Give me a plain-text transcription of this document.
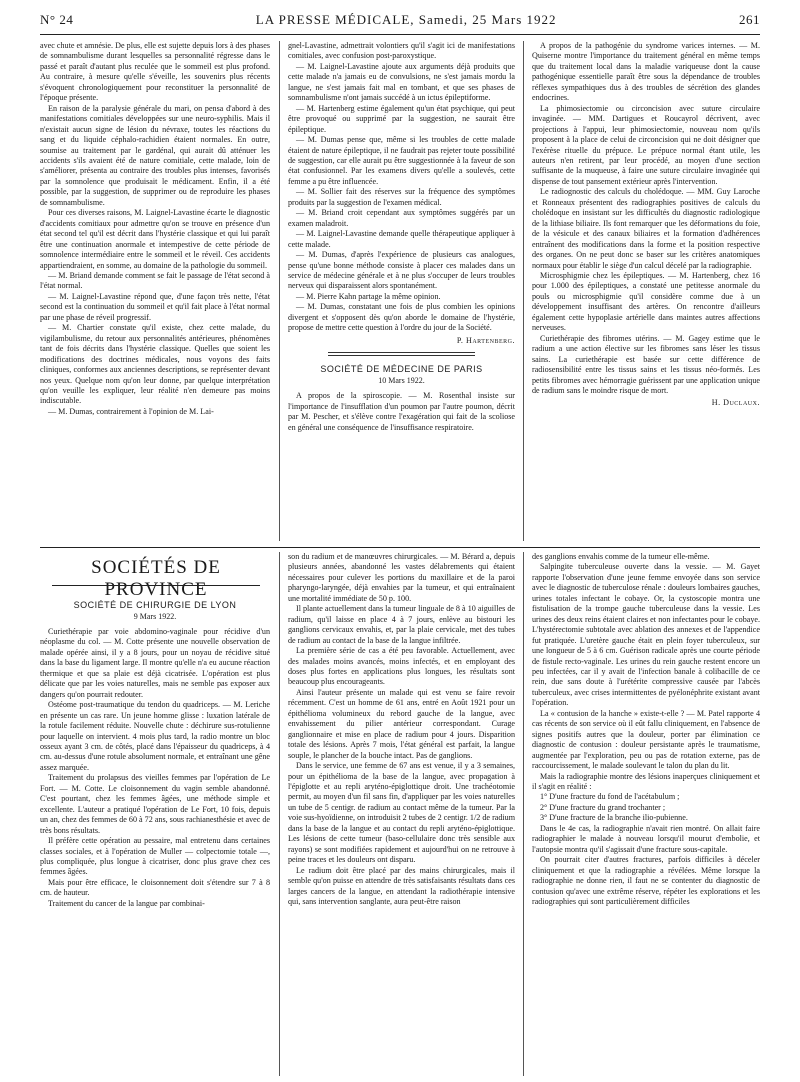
N° 24	LA PRESSE MÉDICALE, Samedi, 25 Mars 1922	261

avec chute et amnésie. De plus, elle est sujette depuis lors à des phases de somnambulisme durant lesquelles sa personnalité régresse dans le passé et paraît d'autant plus reculée que le sommeil est plus profond. Au contraire, à mesure qu'elle s'éveille, les souvenirs plus récents s'évoquent chronologiquement pour reconstituer la personnalité de l'époque présente.

En raison de la paralysie générale du mari, on pensa d'abord à des manifestations comitiales développées sur une neuro-syphilis. Mais il n'existait aucun signe de lésion du névraxe, toutes les réactions du sang et du liquide céphalo-rachidien étaient normales. En outre, soumise au traitement par le gardénal, qui aurait dû atténuer les accidents s'ils avaient été de nature comitiale, cette malade, loin de s'améliorer, présenta au contraire des troubles plus intenses, favorisés par la somnolence que produisait le médicament. Enfin, il a été possible, par la suggestion, de supprimer ou de reproduire les phases de somnambulisme.

Pour ces diverses raisons, M. Laignel-Lavastine écarte le diagnostic d'accidents comitiaux pour admettre qu'on se trouve en présence d'un état second tel qu'il est décrit dans l'hystérie classique et qui lui paraît être une continuation anormale et intempestive de cette période de somnolence intermédiaire entre le sommeil et le réveil. Ces accidents appartiendraient, en somme, au domaine de la pathologie du sommeil.

— M. Briand demande comment se fait le passage de l'état second à l'état normal.

— M. Laignel-Lavastine répond que, d'une façon très nette, l'état second est la continuation du sommeil et qu'il fait place à l'état normal par une phase de réveil progressif.

— M. Chartier constate qu'il existe, chez cette malade, du vigilambulisme, du retour aux personnalités antérieures, phénomènes tant de fois décrits dans l'hystérie classique. Quelles que soient les modifications des doctrines médicales, nous voyons des faits cliniques, conformes aux anciennes descriptions, se représenter devant nos yeux. Quelque nom qu'on leur donne, par quelque interprétation qu'on veuille les expliquer, leur réalité n'en demeure pas moins indiscutable.

— M. Dumas, contrairement à l'opinion de M. Lai-

gnel-Lavastine, admettrait volontiers qu'il s'agit ici de manifestations comitiales, avec confusion post-paroxystique.

— M. Laignel-Lavastine ajoute aux arguments déjà produits que cette malade n'a jamais eu de convulsions, ne s'est jamais mordu la langue, ne s'est jamais fait mal en tombant, et que ses phases de somnambulisme n'ont jamais succédé à un ictus épileptiforme.

— M. Hartenberg estime également qu'un état psychique, qui peut être provoqué ou supprimé par la suggestion, ne saurait être épileptique.

— M. Dumas pense que, même si les troubles de cette malade étaient de nature épileptique, il ne faudrait pas rejeter toute possibilité de suggestion, car elle aurait pu être suggestionnée à la faveur de son état confusionnel. Par les examens divers qu'elle a soulevés, cette femme a pu être influencée.

— M. Sollier fait des réserves sur la fréquence des symptômes produits par la suggestion de l'examen médical.

— M. Briand croit cependant aux symptômes suggérés par un examen maladroit.

— M. Laignel-Lavastine demande quelle thérapeutique appliquer à cette malade.

— M. Dumas, d'après l'expérience de plusieurs cas analogues, pense qu'une bonne méthode consiste à placer ces malades dans un service de médecine générale et à ne plus s'occuper de leurs troubles nerveux qui disparaissent alors spontanément.

— M. Pierre Kahn partage la même opinion.

— M. Dumas, constatant une fois de plus combien les opinions divergent et s'opposent dès qu'on aborde le domaine de l'hystérie, propose de mettre cette question à l'ordre du jour de la Société.

P. Hartenberg.
SOCIÉTÉ DE MÉDECINE DE PARIS
10 Mars 1922.

A propos de la spiroscopie. — M. Rosenthal insiste sur l'importance de l'insufflation d'un poumon par l'autre poumon, décrit par M. Pescher, et s'élève contre l'exagération qui fait de la scoliose en général une conséquence de l'insuffisance respiratoire.

A propos de la pathogénie du syndrome varices internes. — M. Quiserne montre l'importance du traitement général en même temps que du traitement local dans la maladie variqueuse dont la cause pathogénique essentielle paraît être sous la dépendance de troubles réflexes sympathiques dus à des troubles de sécrétion des glandes endocrines.

La phimosiectomie ou circoncision avec suture circulaire invaginée. — MM. Dartigues et Roucayrol décrivent, avec projections à l'appui, leur phimosiectomie, nouveau nom qu'ils proposent à la place de celui de circoncision qui ne doit désigner que l'exérèse rituelle du prépuce. Le prépuce normal étant utile, les auteurs n'en retirent, par leur procédé, au moyen d'une section suffisante de la muqueuse, à faire une suture circulaire invaginée qui dispense de tout pansement extérieur après l'intervention.

Le radiognostic des calculs du cholédoque. — MM. Guy Laroche et Ronneaux présentent des radiographies positives de calculs du cholédoque en insistant sur les difficultés du diagnostic radiologique de la lithiase biliaire. Ils font remarquer que les déformations du foie, de la vésicule et des canaux biliaires et la formation d'adhérences entraînent des modifications dans la forme et la position respective des organes. On ne peut donc se baser sur les critères anatomiques normaux pour établir le siège d'un calcul décelé par la radiographie.

Microsphigmie chez les épileptiques. — M. Hartenberg, chez 16 pour 1.000 des épileptiques, a constaté une petitesse anormale du pouls ou microsphigmie qu'il considère comme due à un développement insuffisant des artères. On rencontre d'ailleurs également cette hypoplasie artérielle dans maintes autres affections nerveuses.

Curiethérapie des fibromes utérins. — M. Gagey estime que le radium a une action élective sur les fibromes sans léser les tissus sains. La curiethérapie est basée sur cette différence de radiosensibilité entre les tissus sains et les tissus néo-formés. Les petits fibromes avec hémorragie guérissent par une application unique de radium sans le moindre risque de mort.

H. Duclaux.
SOCIÉTÉS DE PROVINCE
SOCIÉTÉ DE CHIRURGIE DE LYON
9 Mars 1922.

Curiethérapie par voie abdomino-vaginale pour récidive d'un néoplasme du col. — M. Cotte présente une nouvelle observation de malade opérée ainsi, il y a 8 jours, pour un noyau de récidive situé dans la base du ligament large. Il montre qu'elle n'a eu aucune réaction thermique et que sa plaie est déjà cicatrisée. L'opération est plus délicate que par les voies naturelles, mais ne semble pas exposer aux dangers qu'on pourrait redouter.

Ostéome post-traumatique du tendon du quadriceps. — M. Leriche en présente un cas rare. Un jeune homme glisse : luxation latérale de la rotule facilement réduite. Nouvelle chute : déchirure sus-rotulienne pour laquelle on intervient. 4 mois plus tard, la radio montre un bloc osseux ayant 3 cm. de côtés, placé dans l'épaisseur du quadriceps, à 4 cm. au-dessus d'une rotule absolument normale, et entraînant une gêne assez marquée.

Traitement du prolapsus des vieilles femmes par l'opération de Le Fort. — M. Cotte. Le cloisonnement du vagin semble abandonné. C'est pourtant, chez les femmes âgées, une méthode simple et excellente. L'auteur a pratiqué l'opération de Le Fort, 10 fois, depuis un an, chez des femmes de 60 à 72 ans, sous rachianesthésie et avec de très bons résultats.

Il préfère cette opération au pessaire, mal entretenu dans certaines classes sociales, et à l'opération de Muller — colpectomie totale —, plus compliquée, plus longue à cicatriser, donc plus grave chez ces femmes âgées.

Mais pour être efficace, le cloisonnement doit s'étendre sur 7 à 8 cm. de hauteur.

Traitement du cancer de la langue par combinai-

son du radium et de manœuvres chirurgicales. — M. Bérard a, depuis plusieurs années, abandonné les vastes délabrements qui étaient nécessaires pour culever les portions du maxillaire et de la paroi pharyngo-laryngée, déjà envahies par la tumeur, et qui entraînaient une mortalité immédiate de 50 p. 100.

Il plante actuellement dans la tumeur linguale de 8 à 10 aiguilles de radium, qu'il laisse en place 4 à 7 jours, enlève au bistouri les ganglions cervicaux envahis, et, par la plaie cervicale, met des tubes de radium au contact de la base de la langue infiltrée.

La première série de cas a été peu favorable. Actuellement, avec des malades moins avancés, moins infectés, et en employant des doses plus fortes en applications plus longues, les résultats sont beaucoup plus encourageants.

Ainsi l'auteur présente un malade qui est venu se faire revoir récemment. C'est un homme de 61 ans, entré en Août 1921 pour un épithélioma volumineux du rebord gauche de la langue, avec envahissement du pilier antérieur correspondant. Curage ganglionnaire et mise en place de radium pour 4 jours. Disparition totale des lésions. Après 7 mois, l'état général est parfait, la langue souple, le plancher de la bouche intact. Pas de ganglions.

Dans le service, une femme de 67 ans est venue, il y a 3 semaines, pour un épithélioma de la base de la langue, avec propagation à l'épiglotte et au repli aryténo-épiglottique droit. Une trachéotomie permit, au moyen d'un fil sans fin, d'appliquer par les voies naturelles un tube de 5 centigr. de radium au contact même de la tumeur. Par la voie sus-hyoïdienne, on introduisit 2 tubes de 2 centigr. 1/2 de radium dans la base de la langue et au contact du repli aryténo-épiglottique. Les lésions de cette tumeur (baso-cellulaire donc très sensible aux rayons) se sont modifiées rapidement et aujourd'hui on ne retrouve à peine traces et les douleurs ont disparu.

Le radium doit être placé par des mains chirurgicales, mais il semble qu'on puisse en attendre de très satisfaisants résultats dans ces larges cancers de la langue, en attendant la radiothérapie intensive qui, sans intervention sanglante, aura peut-être raison

des ganglions envahis comme de la tumeur elle-même.

Salpingite tuberculeuse ouverte dans la vessie. — M. Gayet rapporte l'observation d'une jeune femme envoyée dans son service avec le diagnostic de tuberculose rénale : douleurs lombaires gauches, urines totales infectant le cobaye. Or, la cystoscopie montra une fistulisation de la trompe gauche tuberculeuse dans la vessie. Les urines des deux reins étaient claires et non infectantes pour le cobaye. L'hystérectomie subtotale avec ablation des annexes et de l'appendice fut pratiquée. L'uretère gauche était en plein foyer tuberculeux, sur une longueur de 5 à 6 cm. Guérison radicale après une courte période de fistule recto-vaginale. Les urines du rein gauche restent encore un peu infectées, car il y avait de l'infection banale à colibacille de ce rein, due sans doute à l'urétérite compressive causée par l'abcès tuberculeux, avec crises intermittentes de pyélonéphrite existant avant l'opération.

La « contusion de la hanche » existe-t-elle ? — M. Patel rapporte 4 cas récents de son service où il eût fallu cliniquement, en l'absence de signes positifs autres que la douleur, porter par élimination ce diagnostic de contusion : douleur persistante après le traumatisme, augmentée par l'exploration, peu ou pas de rotation externe, pas de raccourcissement, le malade soulevant le talon du plan du lit.

Mais la radiographie montre des lésions inaperçues cliniquement et il s'agit en réalité :

1° D'une fracture du fond de l'acétabulum ;

2° D'une fracture du grand trochanter ;

3° D'une fracture de la branche ilio-pubienne.

Dans le 4e cas, la radiographie n'avait rien montré. On allait faire radiographier le malade à nouveau lorsqu'il mourut d'embolie, et l'autopsie montra qu'il s'agissait d'une fracture sous-capitale.

On pourrait citer d'autres fractures, parfois difficiles à déceler cliniquement et que la radiographie a révélées. Même lorsque la radiographie ne donne rien, il faut ne se contenter du diagnostic de contusion qu'avec une extrême réserve, répéter les explorations et les radiographies qui sont particulièrement difficiles
